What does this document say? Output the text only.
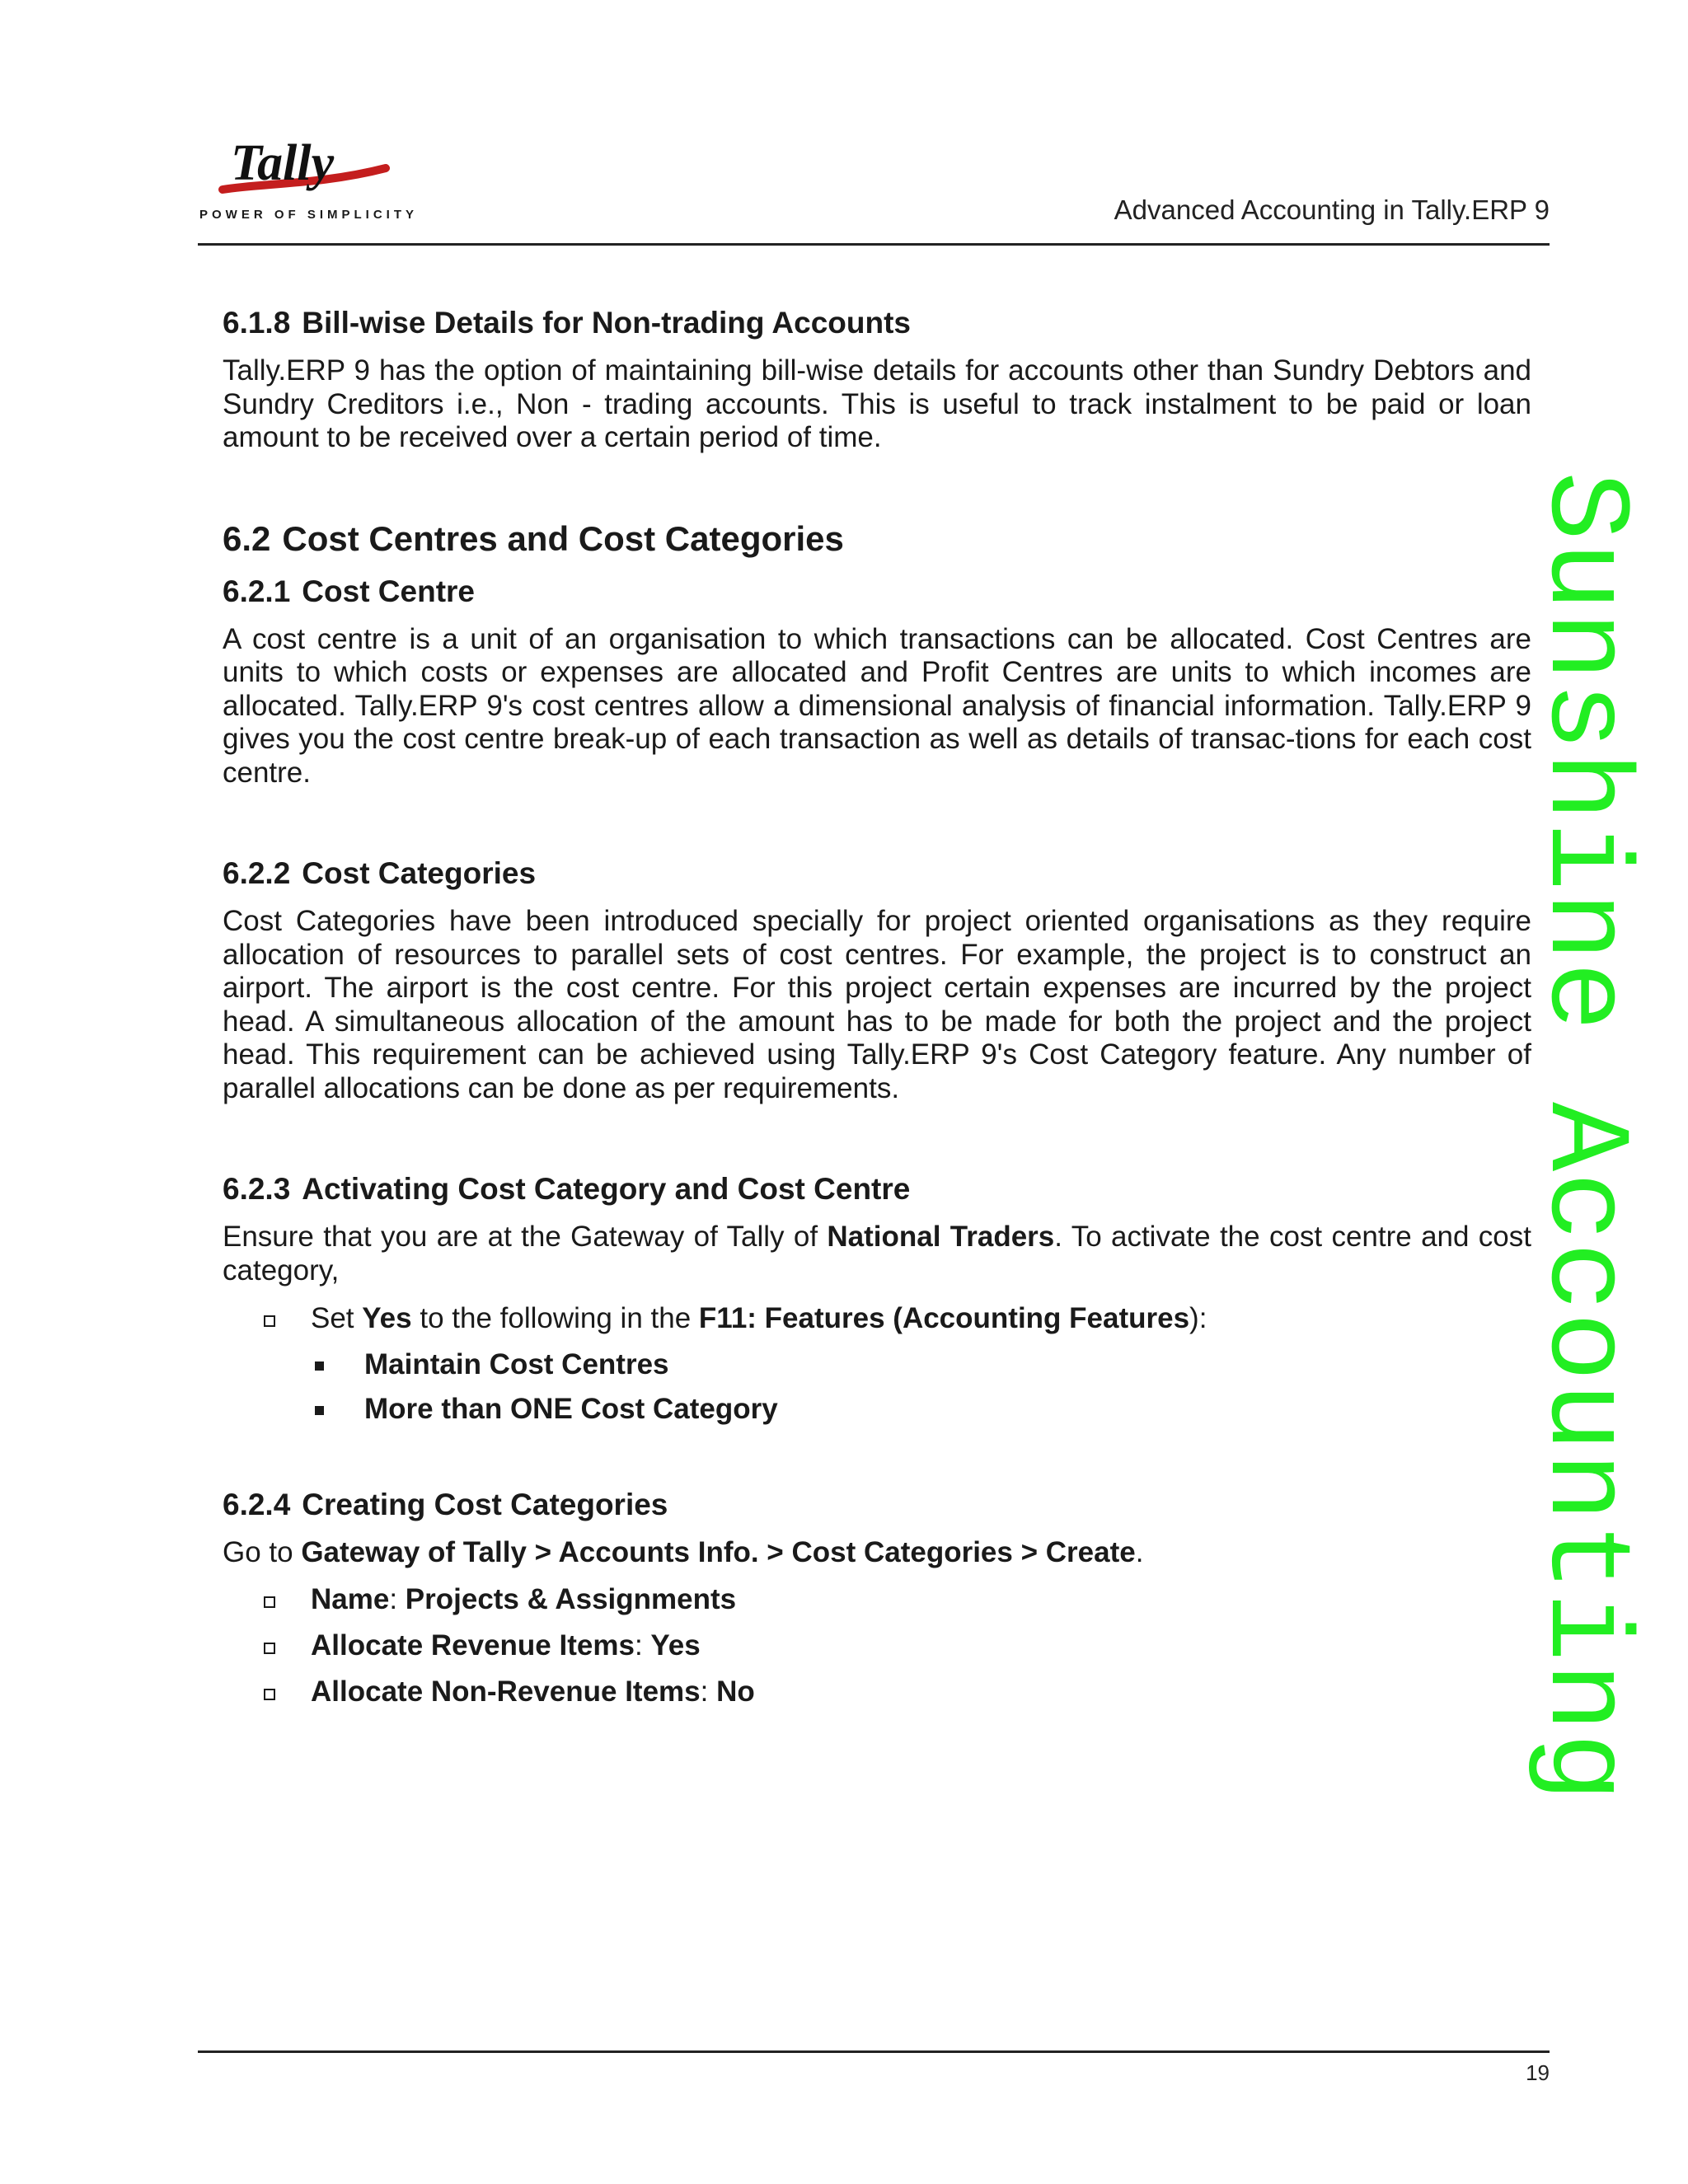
Tally
POWER OF SIMPLICITY	Advanced Accounting in Tally.ERP 9
6.1.8 Bill-wise Details for Non-trading Accounts

Tally.ERP 9 has the option of maintaining bill-wise details for accounts other than Sundry Debtors and Sundry Creditors i.e., Non - trading accounts. This is useful to track instalment to be paid or loan amount to be received over a certain period of time.

6.2 Cost Centres and Cost Categories
6.2.1 Cost Centre

A cost centre is a unit of an organisation to which transactions can be allocated. Cost Centres are units to which costs or expenses are allocated and Profit Centres are units to which incomes are allocated. Tally.ERP 9's cost centres allow a dimensional analysis of financial information. Tally.ERP 9 gives you the cost centre break-up of each transaction as well as details of transac-tions for each cost centre.

6.2.2 Cost Categories

Cost Categories have been introduced specially for project oriented organisations as they require allocation of resources to parallel sets of cost centres. For example, the project is to construct an airport. The airport is the cost centre. For this project certain expenses are incurred by the project head. A simultaneous allocation of the amount has to be made for both the project and the project head. This requirement can be achieved using Tally.ERP 9's Cost Category feature. Any number of parallel allocations can be done as per requirements.

6.2.3 Activating Cost Category and Cost Centre

Ensure that you are at the Gateway of Tally of National Traders. To activate the cost centre and cost category,

Set Yes to the following in the F11: Features (Accounting Features):
Maintain Cost Centres
More than ONE Cost Category
6.2.4 Creating Cost Categories

Go to Gateway of Tally > Accounts Info. > Cost Categories > Create.

Name: Projects & Assignments
Allocate Revenue Items: Yes
Allocate Non-Revenue Items: No	Sunshine Accounting
19
